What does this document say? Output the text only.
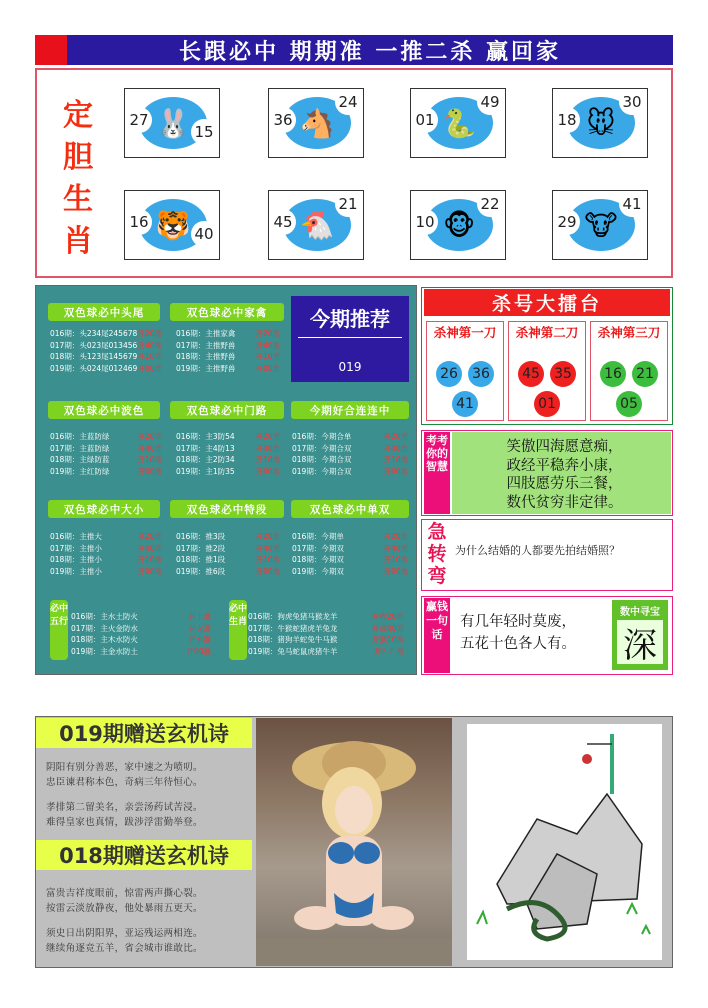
长跟必中 期期准 一推二杀 赢回家
定
胆
生
肖
🐰
27
15	🐴
36
24
🐍
01
49
🐭
18
30
🐯
16
40	🐔
45
21
🐵
10
22
🐮
29
41
双色球必中头尾
016期：头234尾245678 开20准
017期：头023尾013456 开40准
018期：头123尾145679 开10准
019期：头024尾012469 开00准
双色球必中家禽
016期：主推家禽	开20准
017期：主推野兽	开40准
018期：主推野兽	开10准
019期：主推野兽	开00准
双色球必中波色
016期：主蓝防绿	开20准
017期：主蓝防绿	开40准
018期：主绿防蓝	开10准
019期：主红防绿	开00准
双色球必中门路
016期：主3防54	开20准
017期：主4防13	开40准
018期：主2防34	开10准
019期：主1防35	开00准
今期好合连连中
016期：今期合单	开20准
017期：今期合双	开40准
018期：今期合双	开10准
019期：今期合双	开00准
双色球必中大小
016期：主推大	开20准
017期：主推小	开40准
018期：主推小	开10准
019期：主推小	开00准
双色球必中特段
016期：推3段	开20准
017期：推2段	开40准
018期：推1段	开10准
019期：推6段	开00准
双色球必中单双
016期：今期单	开20准
017期：今期双	开40准
018期：今期双	开10准
019期：今期双	开00准
必中五行
016期：主水土防火	开土准
017期：主火金防水	开火准
018期：主木水防火	开水准
019期：主金水防土	开00准
必中生肖
016期：狗虎兔猪马猴龙羊	开狗20准
017期：牛猴蛇猪虎羊兔龙	开虎40准
018期：猪狗羊蛇兔牛马猴	开猴10准
019期：兔马蛇鼠虎猪牛羊	开？？准
今期推荐
019
杀号大擂台
杀神第一刀
26 36
41
杀神第二刀
45 35
01
杀神第三刀
16 21
05
考考你的智慧
笑傲四海愿意痴，
政经平稳奔小康，
四肢愿劳乐三餐，
数代贫穷非定律。
急转弯
为什么结婚的人都要先拍结婚照？
赢钱一句话
有几年轻时莫废，
五花十色各人有。
数中寻宝
深
019期赠送玄机诗
阴阳有别分善恶，家中速之为喷叨。
忠臣谏君称本色，奇病三年待恒心。
孝排第二留美名，亲尝汤药试苦浸。
难得皇家也真情，跋涉浮雷勤举登。
018期赠送玄机诗
富贵吉祥度眼前，惊雷两声撕心裂。
按雷云淡放静夜，他处暴雨五更天。
须史日出阴阳界，亚运残运两相连。
继续角逐竞五羊，省会城市谁敢比。
